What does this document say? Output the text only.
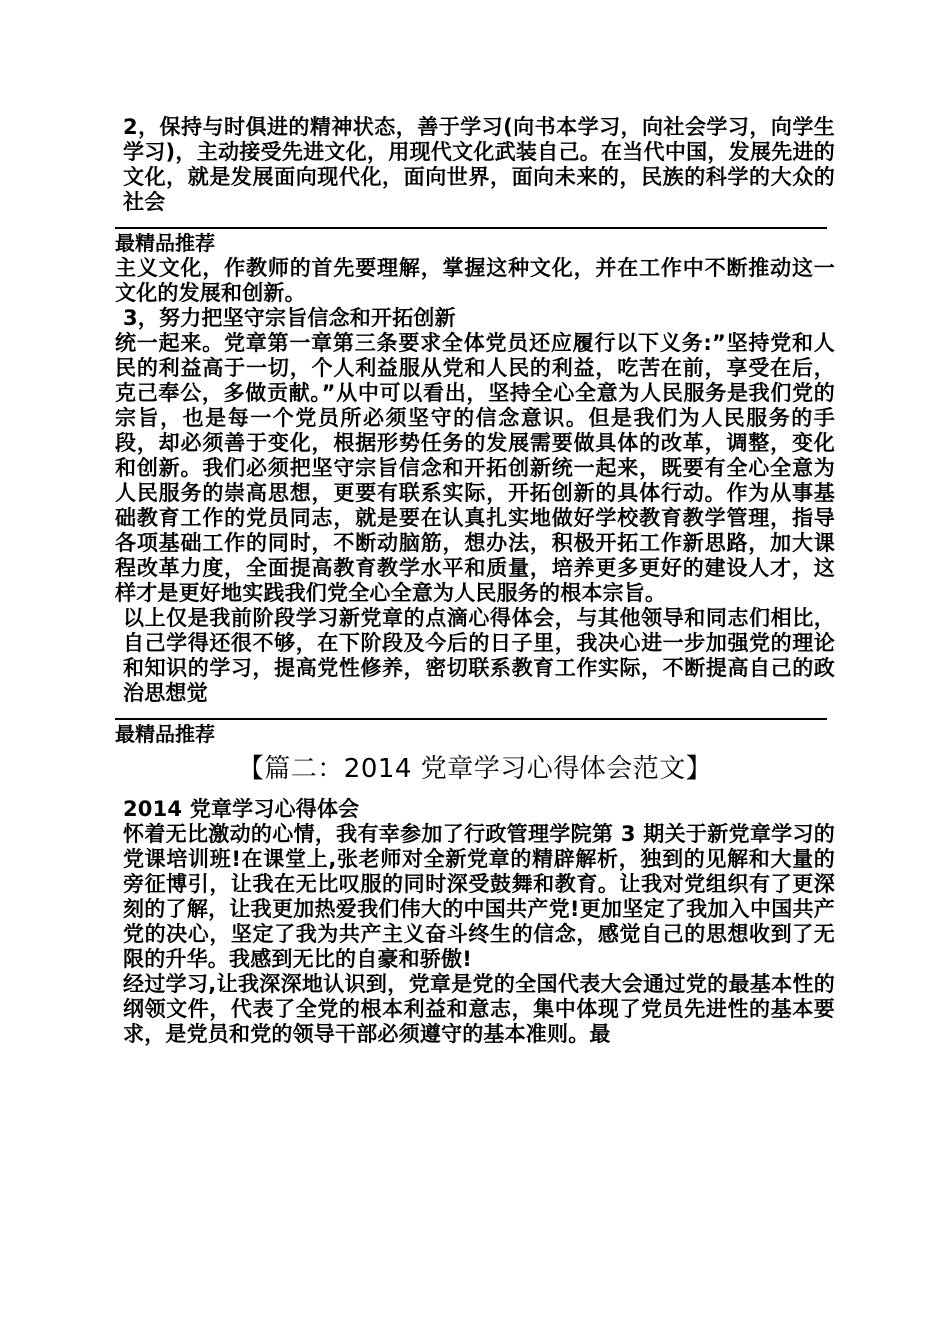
2，保持与时俱进的精神状态，善于学习(向书本学习，向社会学习，向学生学习)，主动接受先进文化，用现代文化武装自己。在当代中国，发展先进的文化，就是发展面向现代化，面向世界，面向未来的，民族的科学的大众的社会

最精品推荐

主义文化，作教师的首先要理解，掌握这种文化，并在工作中不断推动这一文化的发展和创新。

3，努力把坚守宗旨信念和开拓创新

统一起来。党章第一章第三条要求全体党员还应履行以下义务:”坚持党和人民的利益高于一切，个人利益服从党和人民的利益，吃苦在前，享受在后，克己奉公，多做贡献。”从中可以看出，坚持全心全意为人民服务是我们党的宗旨，也是每一个党员所必须坚守的信念意识。但是我们为人民服务的手段，却必须善于变化，根据形势任务的发展需要做具体的改革，调整，变化和创新。我们必须把坚守宗旨信念和开拓创新统一起来，既要有全心全意为人民服务的崇高思想，更要有联系实际，开拓创新的具体行动。作为从事基础教育工作的党员同志，就是要在认真扎实地做好学校教育教学管理，指导各项基础工作的同时，不断动脑筋，想办法，积极开拓工作新思路，加大课程改革力度，全面提高教育教学水平和质量，培养更多更好的建设人才，这样才是更好地实践我们党全心全意为人民服务的根本宗旨。

以上仅是我前阶段学习新党章的点滴心得体会，与其他领导和同志们相比，自己学得还很不够，在下阶段及今后的日子里，我决心进一步加强党的理论和知识的学习，提高党性修养，密切联系教育工作实际，不断提高自己的政治思想觉

最精品推荐

【篇二：2014 党章学习心得体会范文】

2014 党章学习心得体会

怀着无比激动的心情，我有幸参加了行政管理学院第 3 期关于新党章学习的党课培训班!在课堂上,张老师对全新党章的精辟解析，独到的见解和大量的旁征博引，让我在无比叹服的同时深受鼓舞和教育。让我对党组织有了更深刻的了解，让我更加热爱我们伟大的中国共产党!更加坚定了我加入中国共产党的决心，坚定了我为共产主义奋斗终生的信念，感觉自己的思想收到了无限的升华。我感到无比的自豪和骄傲!

经过学习,让我深深地认识到，党章是党的全国代表大会通过党的最基本性的纲领文件，代表了全党的根本利益和意志，集中体现了党员先进性的基本要求，是党员和党的领导干部必须遵守的基本准则。最
